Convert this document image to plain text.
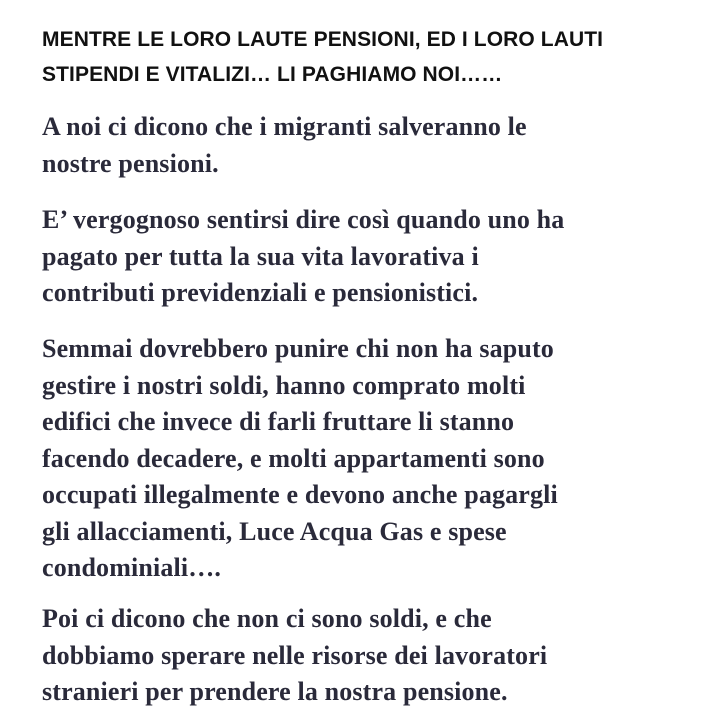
MENTRE LE LORO LAUTE PENSIONI, ED I LORO LAUTI
STIPENDI E VITALIZI… LI PAGHIAMO NOI……

A noi ci dicono che i migranti salveranno le
nostre pensioni.

E’ vergognoso sentirsi dire così quando uno ha
pagato per tutta la sua vita lavorativa i
contributi previdenziali e pensionistici.

Semmai dovrebbero punire chi non ha saputo
gestire i nostri soldi, hanno comprato molti
edifici che invece di farli fruttare li stanno
facendo decadere, e molti appartamenti sono
occupati illegalmente e devono anche pagargli
gli allacciamenti, Luce Acqua Gas e spese
condominiali….

Poi ci dicono che non ci sono soldi, e che
dobbiamo sperare nelle risorse dei lavoratori
stranieri per prendere la nostra pensione.
